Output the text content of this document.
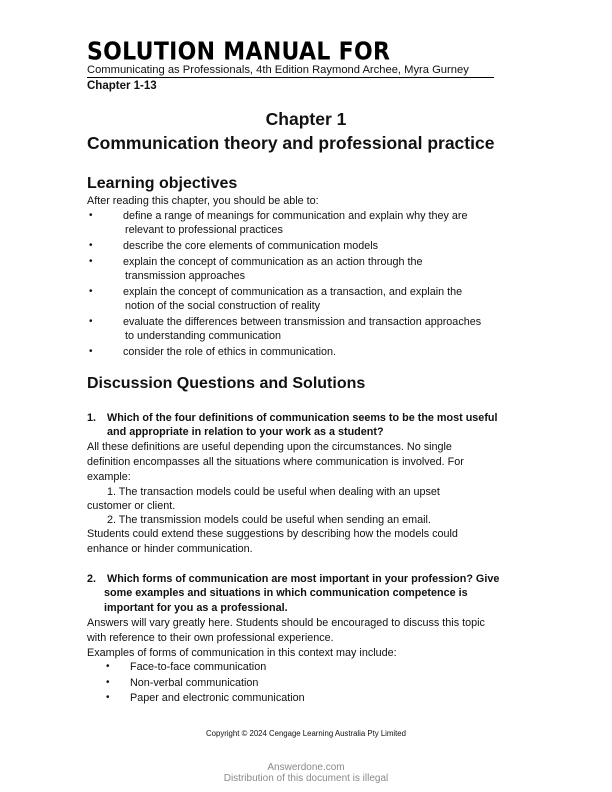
SOLUTION MANUAL FOR
Communicating as Professionals, 4th Edition Raymond Archee, Myra Gurney
Chapter 1-13
Chapter 1
Communication theory and professional practice
Learning objectives
After reading this chapter, you should be able to:
•	define a range of meanings for communication and explain why they are
relevant to professional practices
•	describe the core elements of communication models
•	explain the concept of communication as an action through the
transmission approaches
•	explain the concept of communication as a transaction, and explain the
notion of the social construction of reality
•	evaluate the differences between transmission and transaction approaches
to understanding communication
•	consider the role of ethics in communication.
Discussion Questions and Solutions
1. Which of the four definitions of communication seems to be the most useful
and appropriate in relation to your work as a student?
All these definitions are useful depending upon the circumstances. No single
definition encompasses all the situations where communication is involved. For
example:
1. The transaction models could be useful when dealing with an upset
customer or client.
2. The transmission models could be useful when sending an email.
Students could extend these suggestions by describing how the models could
enhance or hinder communication.
2. Which forms of communication are most important in your profession? Give
some examples and situations in which communication competence is
important for you as a professional.
Answers will vary greatly here. Students should be encouraged to discuss this topic
with reference to their own professional experience.
Examples of forms of communication in this context may include:
• Face-to-face communication
• Non-verbal communication
• Paper and electronic communication
Copyright © 2024 Cengage Learning Australia Pty Limited
Answerdone.com
Distribution of this document is illegal
